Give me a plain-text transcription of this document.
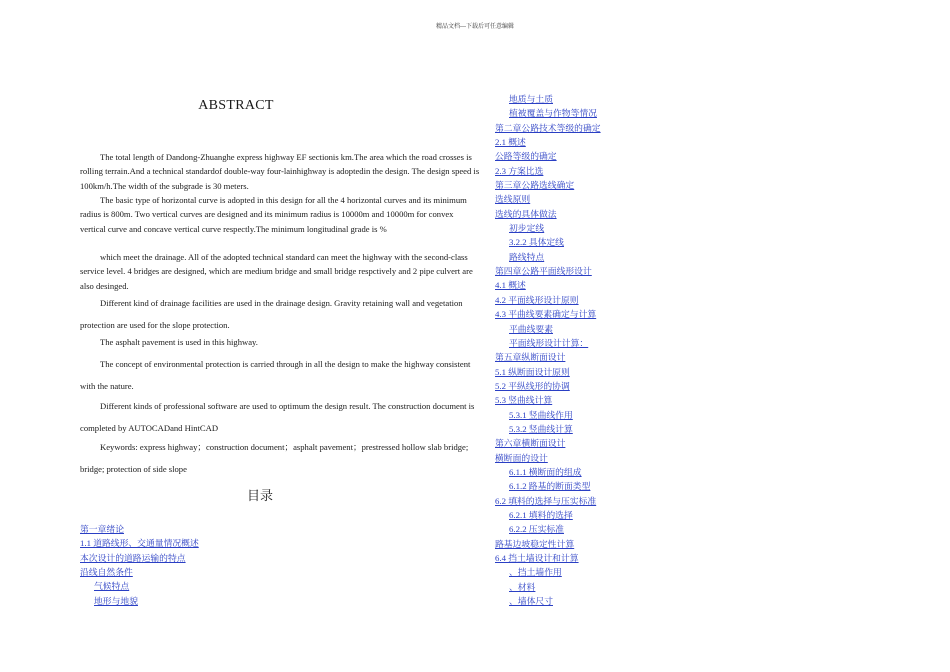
精品文档---下载后可任意编辑
ABSTRACT

The total length of Dandong-Zhuanghe express highway EF sectionis km.The area which the road crosses is rolling terrain.And a technical standardof double-way four-lainhighway is adoptedin the design. The design speed is 100km/h.The width of the subgrade is 30 meters.

The basic type of horizontal curve is adopted in this design for all the 4 horizontal curves and its minimum radius is 800m. Two vertical curves are designed and its minimum radius is 10000m and 10000m for convex vertical curve and concave vertical curve respectly.The minimum longitudinal grade is %

which meet the drainage. All of the adopted technical standard can meet the highway with the second-class service level. 4 bridges are designed, which are medium bridge and small bridge respctively and 2 pipe culvert are also desinged.

Different kind of drainage facilities are used in the drainage design. Gravity retaining wall and vegetation protection are used for the slope protection.

The asphalt pavement is used in this highway.

The concept of environmental protection is carried through in all the design to make the highway consistent with the nature.

Different kinds of professional software are used to optimum the design result. The construction document is completed by AUTOCADand HintCAD

Keywords: express highway；construction document；asphalt pavement；prestressed hollow slab bridge; bridge; protection of side slope

目录
第一章绪论
1.1 道路线形、交通量情况概述
本次设计的道路运输的特点
沿线自然条件
气候特点
地形与地貌
地质与土质
植被覆盖与作物等情况
第二章公路技术等级的确定
2.1 概述
公路等级的确定
2.3 方案比选
第三章公路选线确定
选线原则
选线的具体做法
初步定线
3.2.2 具体定线
路线特点
第四章公路平面线形设计
4.1 概述
4.2 平面线形设计原则
4.3 平曲线要素确定与计算
平曲线要素
平面线形设计计算：
第五章纵断面设计
5.1 纵断面设计原则
5.2 平纵线形的协调
5.3 竖曲线计算
5.3.1 竖曲线作用
5.3.2 竖曲线计算
第六章横断面设计
横断面的设计
6.1.1 横断面的组成
6.1.2 路基的断面类型
6.2 填料的选择与压实标准
6.2.1 填料的选择
6.2.2 压实标准
路基边坡稳定性计算
6.4 挡土墙设计和计算
、挡土墙作用
、材料
、墙体尺寸
